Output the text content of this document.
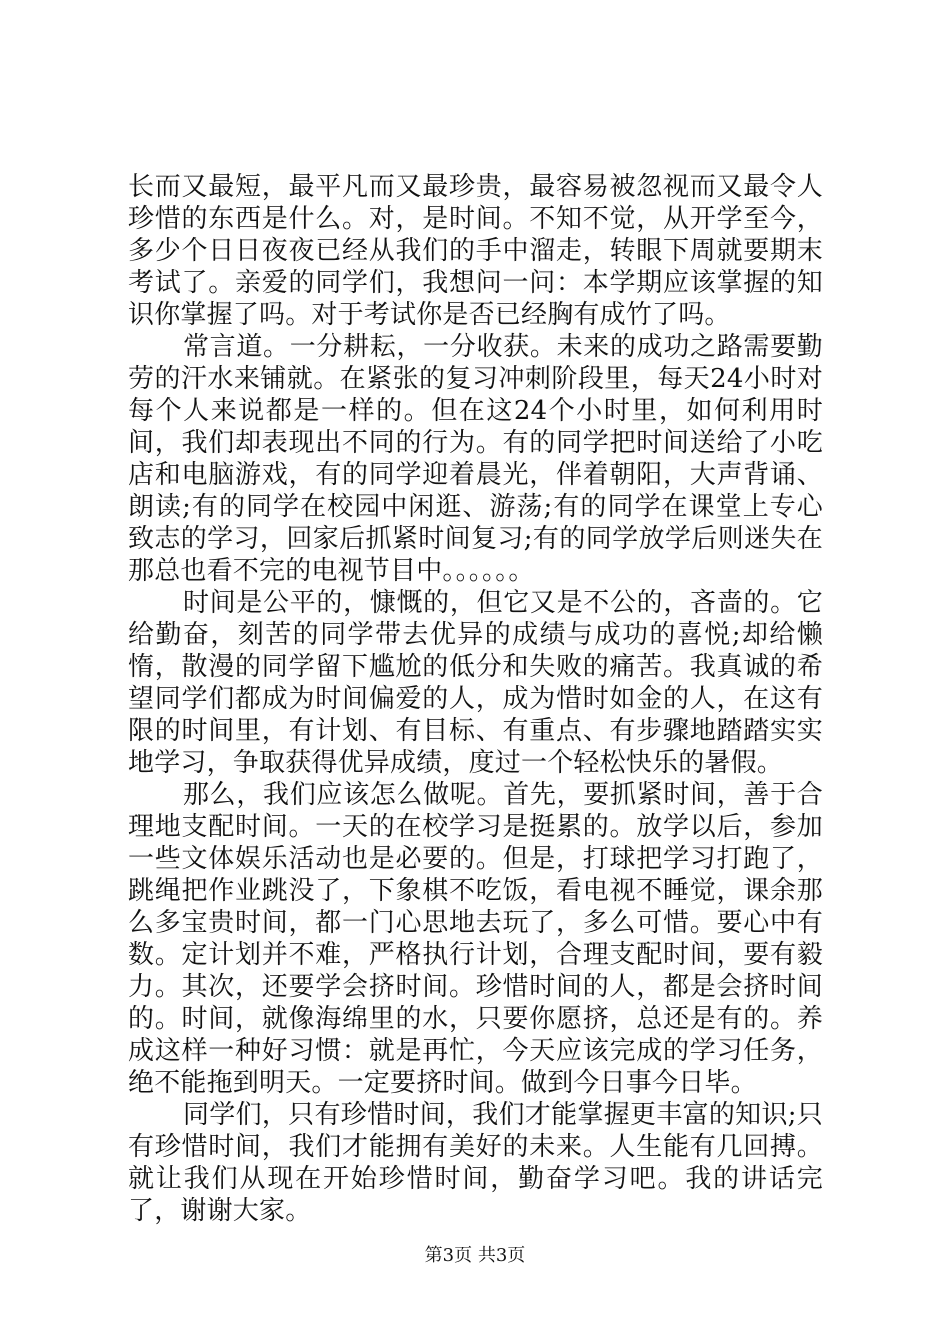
长而又最短，最平凡而又最珍贵，最容易被忽视而又最令人珍惜的东西是什么。对，是时间。不知不觉，从开学至今，多少个日日夜夜已经从我们的手中溜走，转眼下周就要期末考试了。亲爱的同学们，我想问一问：本学期应该掌握的知识你掌握了吗。对于考试你是否已经胸有成竹了吗。

常言道。一分耕耘，一分收获。未来的成功之路需要勤劳的汗水来铺就。在紧张的复习冲刺阶段里，每天24小时对每个人来说都是一样的。但在这24个小时里，如何利用时间，我们却表现出不同的行为。有的同学把时间送给了小吃店和电脑游戏，有的同学迎着晨光，伴着朝阳，大声背诵、朗读;有的同学在校园中闲逛、游荡;有的同学在课堂上专心致志的学习，回家后抓紧时间复习;有的同学放学后则迷失在那总也看不完的电视节目中。。。。。。

时间是公平的，慷慨的，但它又是不公的，吝啬的。它给勤奋，刻苦的同学带去优异的成绩与成功的喜悦;却给懒惰，散漫的同学留下尴尬的低分和失败的痛苦。我真诚的希望同学们都成为时间偏爱的人，成为惜时如金的人，在这有限的时间里，有计划、有目标、有重点、有步骤地踏踏实实地学习，争取获得优异成绩，度过一个轻松快乐的暑假。

那么，我们应该怎么做呢。首先，要抓紧时间，善于合理地支配时间。一天的在校学习是挺累的。放学以后，参加一些文体娱乐活动也是必要的。但是，打球把学习打跑了，跳绳把作业跳没了，下象棋不吃饭，看电视不睡觉，课余那么多宝贵时间，都一门心思地去玩了，多么可惜。要心中有数。定计划并不难，严格执行计划，合理支配时间，要有毅力。其次，还要学会挤时间。珍惜时间的人，都是会挤时间的。时间，就像海绵里的水，只要你愿挤，总还是有的。养成这样一种好习惯：就是再忙，今天应该完成的学习任务，绝不能拖到明天。一定要挤时间。做到今日事今日毕。

同学们，只有珍惜时间，我们才能掌握更丰富的知识;只有珍惜时间，我们才能拥有美好的未来。人生能有几回搏。就让我们从现在开始珍惜时间，勤奋学习吧。我的讲话完了，谢谢大家。

第3页 共3页
